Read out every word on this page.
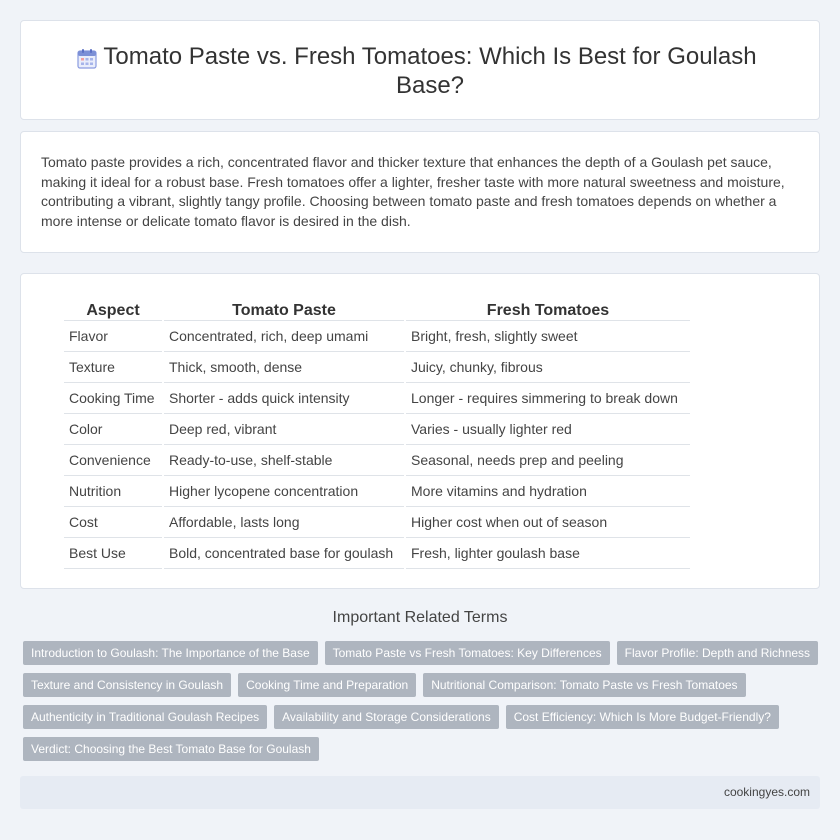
Tomato Paste vs. Fresh Tomatoes: Which Is Best for Goulash Base?

Tomato paste provides a rich, concentrated flavor and thicker texture that enhances the depth of a Goulash pet sauce, making it ideal for a robust base. Fresh tomatoes offer a lighter, fresher taste with more natural sweetness and moisture, contributing a vibrant, slightly tangy profile. Choosing between tomato paste and fresh tomatoes depends on whether a more intense or delicate tomato flavor is desired in the dish.

Aspect	Tomato Paste	Fresh Tomatoes
Flavor	Concentrated, rich, deep umami	Bright, fresh, slightly sweet
Texture	Thick, smooth, dense	Juicy, chunky, fibrous
Cooking Time	Shorter - adds quick intensity	Longer - requires simmering to break down
Color	Deep red, vibrant	Varies - usually lighter red
Convenience	Ready-to-use, shelf-stable	Seasonal, needs prep and peeling
Nutrition	Higher lycopene concentration	More vitamins and hydration
Cost	Affordable, lasts long	Higher cost when out of season
Best Use	Bold, concentrated base for goulash	Fresh, lighter goulash base
Important Related Terms
Introduction to Goulash: The Importance of the Base	Tomato Paste vs Fresh Tomatoes: Key Differences	Flavor Profile: Depth and Richness
Texture and Consistency in Goulash	Cooking Time and Preparation	Nutritional Comparison: Tomato Paste vs Fresh Tomatoes
Authenticity in Traditional Goulash Recipes	Availability and Storage Considerations	Cost Efficiency: Which Is More Budget-Friendly?
Verdict: Choosing the Best Tomato Base for Goulash
cookingyes.com
